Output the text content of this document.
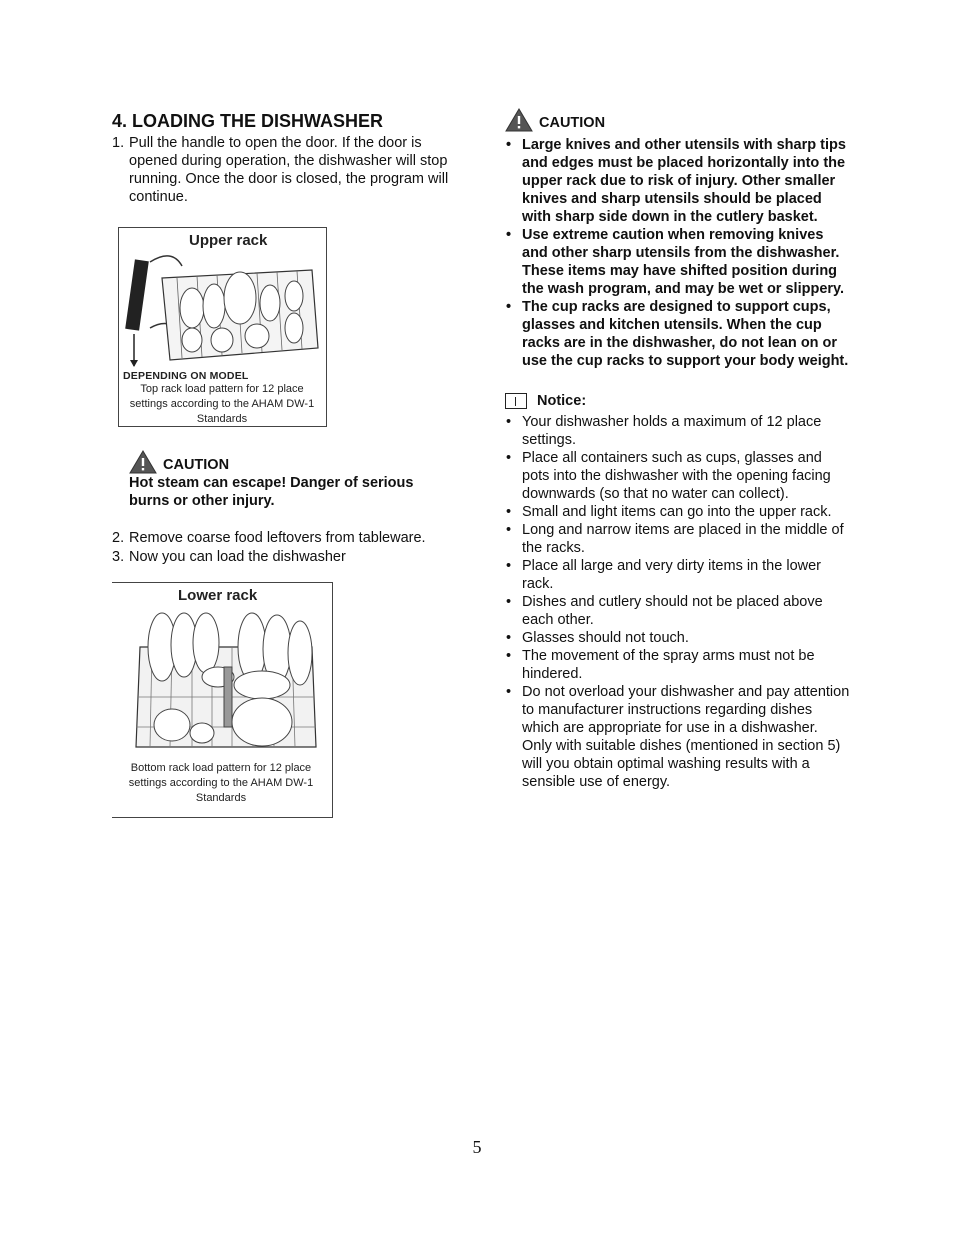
4. LOADING THE DISHWASHER
1. Pull the handle to open the door. If the door is opened during operation, the dishwasher will stop running. Once the door is closed, the program will continue.
Upper rack
DEPENDING ON MODEL
Top rack load pattern for 12 place settings according to the AHAM DW-1 Standards
CAUTION
Hot steam can escape! Danger of serious burns or other injury.
2. Remove coarse food leftovers from tableware.
3. Now you can load the dishwasher
Lower rack
Bottom rack load pattern for 12 place settings according to the AHAM DW-1 Standards
CAUTION
• Large knives and other utensils with sharp tips and edges must be placed horizontally into the upper rack due to risk of injury. Other smaller knives and sharp utensils should be placed with sharp side down in the cutlery basket.
• Use extreme caution when removing knives and other sharp utensils from the dishwasher. These items may have shifted position during the wash program, and may be wet or slippery.
• The cup racks are designed to support cups, glasses and kitchen utensils. When the cup racks are in the dishwasher, do not lean on or use the cup racks to support your body weight.
Notice:
• Your dishwasher holds a maximum of 12 place settings.
• Place all containers such as cups, glasses and pots into the dishwasher with the opening facing downwards (so that no water can collect).
• Small and light items can go into the upper rack.
• Long and narrow items are placed in the middle of the racks.
• Place all large and very dirty items in the lower rack.
• Dishes and cutlery should not be placed above each other.
• Glasses should not touch.
• The movement of the spray arms must not be hindered.
• Do not overload your dishwasher and pay attention to manufacturer instructions regarding dishes which are appropriate for use in a dishwasher. Only with suitable dishes (mentioned in section 5) will you obtain optimal washing results with a sensible use of energy.
5
